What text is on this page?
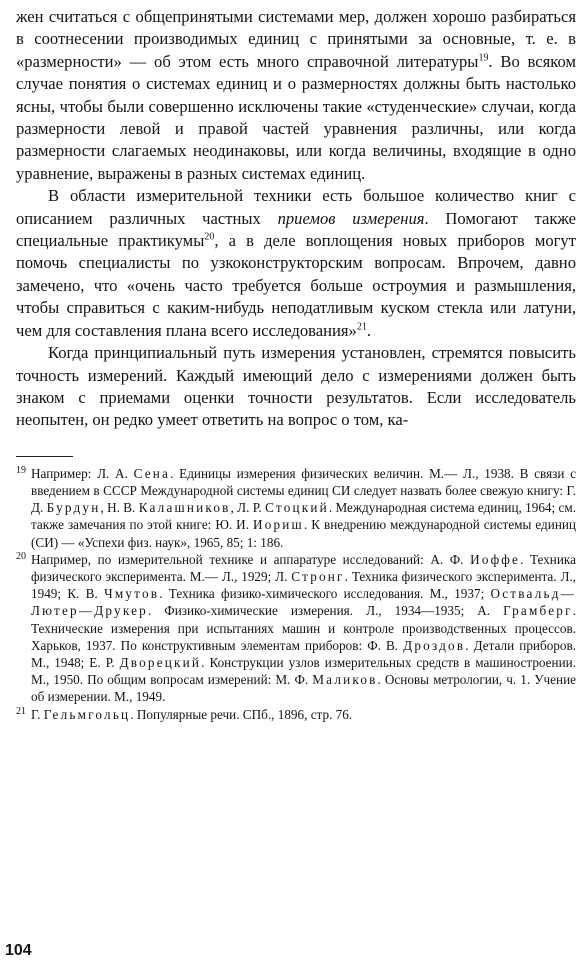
жен считаться с общепринятыми системами мер, должен хорошо разбираться в соотнесении производимых единиц с принятыми за основные, т. е. в «размерности» — об этом есть много справочной литературы$^{19}$. Во всяком случае понятия о системах единиц и о размерностях должны быть настолько ясны, чтобы были совершенно исключены такие «студенческие» случаи, когда размерности левой и правой частей уравнения различны, или когда размерности слагаемых неодинаковы, или когда величины, входящие в одно уравнение, выражены в разных системах единиц.

В области измерительной техники есть большое количество книг с описанием различных частных приемов измерения. Помогают также специальные практикумы$^{20}$, а в деле воплощения новых приборов могут помочь специалисты по узкоконструкторским вопросам. Впрочем, давно замечено, что «очень часто требуется больше остроумия и размышления, чтобы справиться с каким-нибудь неподатливым куском стекла или латуни, чем для составления плана всего исследования»$^{21}$.

Когда принципиальный путь измерения установлен, стремятся повысить точность измерений. Каждый имеющий дело с измерениями должен быть знаком с приемами оценки точности результатов. Если исследователь неопытен, он редко умеет ответить на вопрос о том, ка-

19 Например: Л. А. Сена. Единицы измерения физических величин. М.— Л., 1938. В связи с введением в СССР Международной системы единиц СИ следует назвать более свежую книгу: Г. Д. Бурдун, Н. В. Калашников, Л. Р. Стоцкий. Международная система единиц, 1964; см. также замечания по этой книге: Ю. И. Иориш. К внедрению международной системы единиц (СИ) — «Успехи физ. наук», 1965, 85; 1: 186.
20 Например, по измерительной технике и аппаратуре исследований: А. Ф. Иоффе. Техника физического эксперимента. М.— Л., 1929; Л. Стронг. Техника физического эксперимента. Л., 1949; К. В. Чмутов. Техника физико-химического исследования. М., 1937; Оствальд—Лютер—Друкер. Физико-химические измерения. Л., 1934—1935; А. Грамберг. Технические измерения при испытаниях машин и контроле производственных процессов. Харьков, 1937. По конструктивным элементам приборов: Ф. В. Дроздов. Детали приборов. М., 1948; Е. Р. Дворецкий. Конструкции узлов измерительных средств в машиностроении. М., 1950. По общим вопросам измерений: М. Ф. Маликов. Основы метрологии, ч. 1. Учение об измерении. М., 1949.
21 Г. Гельмгольц. Популярные речи. СПб., 1896, стр. 76.
104
